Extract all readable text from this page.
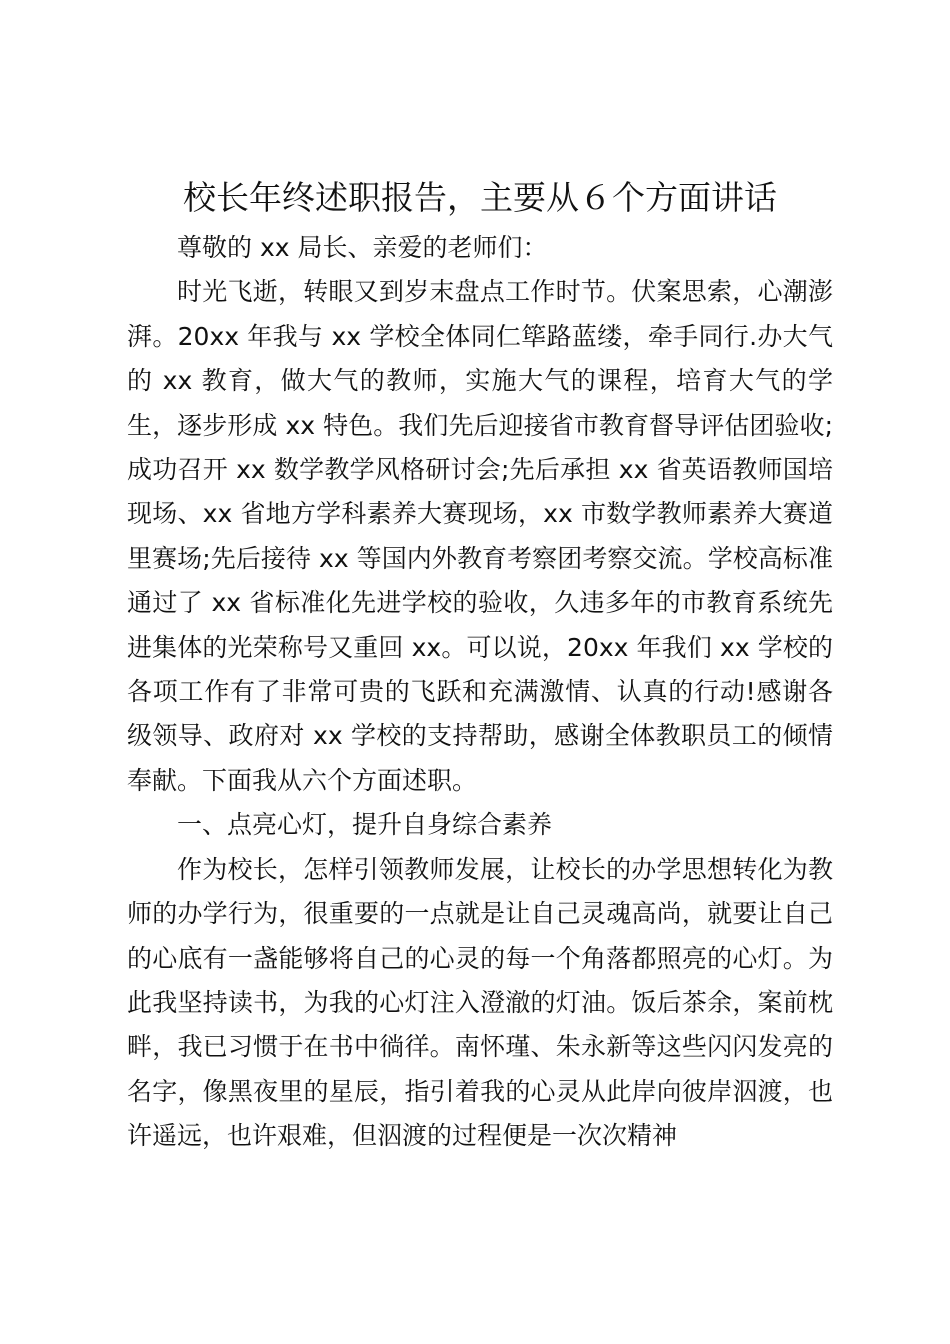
校长年终述职报告，主要从６个方面讲话

尊敬的 xx 局长、亲爱的老师们：

时光飞逝，转眼又到岁末盘点工作时节。伏案思索，心潮澎湃。20xx 年我与 xx 学校全体同仁筚路蓝缕，牵手同行.办大气的 xx 教育，做大气的教师，实施大气的课程，培育大气的学生，逐步形成 xx 特色。我们先后迎接省市教育督导评估团验收;成功召开 xx 数学教学风格研讨会;先后承担 xx 省英语教师国培现场、xx 省地方学科素养大赛现场，xx 市数学教师素养大赛道里赛场;先后接待 xx 等国内外教育考察团考察交流。学校高标准通过了 xx 省标准化先进学校的验收，久违多年的市教育系统先进集体的光荣称号又重回 xx。可以说，20xx 年我们 xx 学校的各项工作有了非常可贵的飞跃和充满激情、认真的行动!感谢各级领导、政府对 xx 学校的支持帮助，感谢全体教职员工的倾情奉献。下面我从六个方面述职。

一、点亮心灯，提升自身综合素养

作为校长，怎样引领教师发展，让校长的办学思想转化为教师的办学行为，很重要的一点就是让自己灵魂高尚，就要让自己的心底有一盏能够将自己的心灵的每一个角落都照亮的心灯。为此我坚持读书，为我的心灯注入澄澈的灯油。饭后茶余，案前枕畔，我已习惯于在书中徜徉。南怀瑾、朱永新等这些闪闪发亮的名字，像黑夜里的星辰，指引着我的心灵从此岸向彼岸泅渡，也许遥远，也许艰难，但泅渡的过程便是一次次精神
